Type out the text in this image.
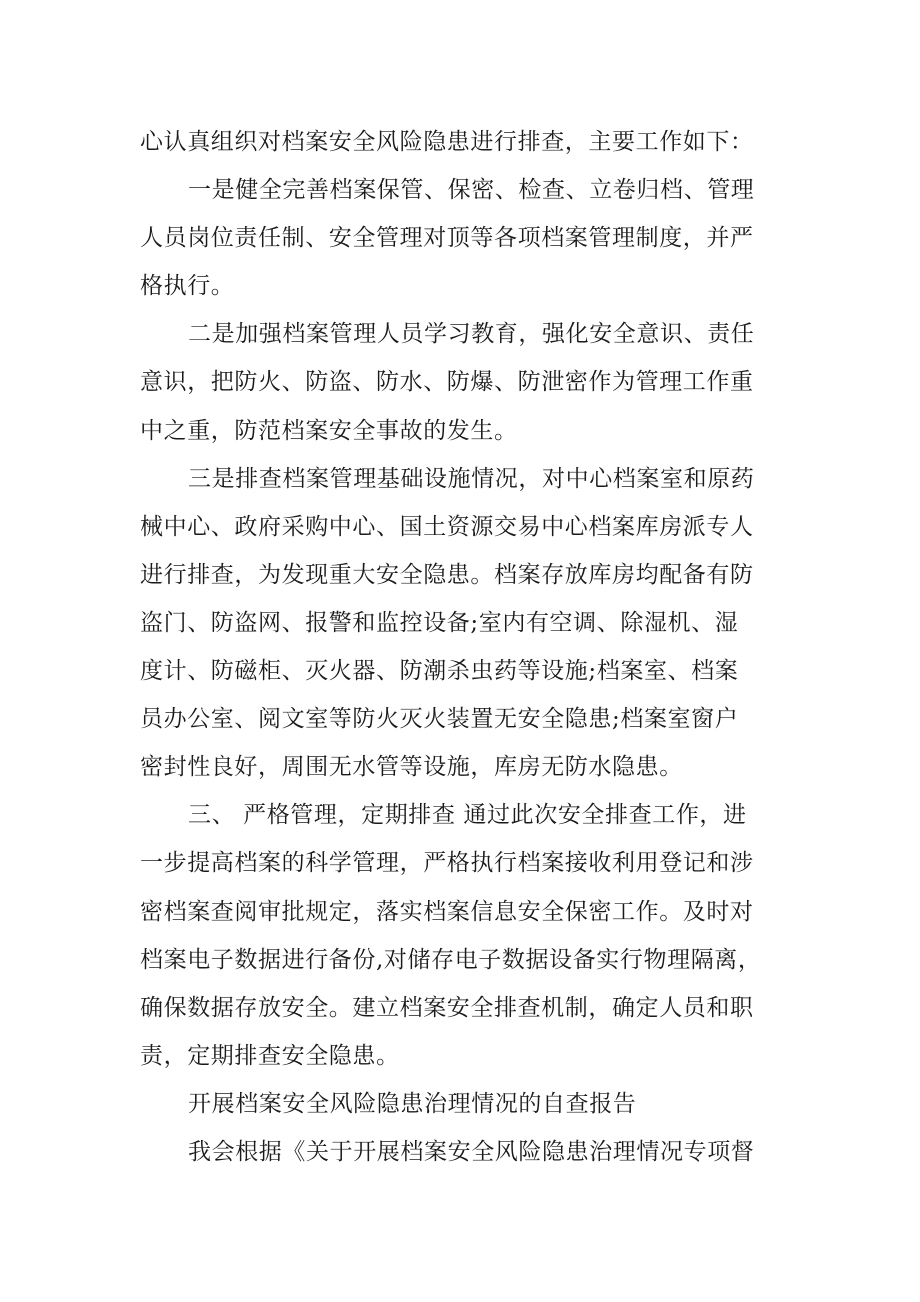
心认真组织对档案安全风险隐患进行排查，主要工作如下：
一是健全完善档案保管、保密、检查、立卷归档、管理
人员岗位责任制、安全管理对顶等各项档案管理制度，并严
格执行。
二是加强档案管理人员学习教育，强化安全意识、责任
意识，把防火、防盗、防水、防爆、防泄密作为管理工作重
中之重，防范档案安全事故的发生。
三是排查档案管理基础设施情况，对中心档案室和原药
械中心、政府采购中心、国土资源交易中心档案库房派专人
进行排查，为发现重大安全隐患。档案存放库房均配备有防
盗门、防盗网、报警和监控设备;室内有空调、除湿机、湿
度计、防磁柜、灭火器、防潮杀虫药等设施;档案室、档案
员办公室、阅文室等防火灭火装置无安全隐患;档案室窗户
密封性良好，周围无水管等设施，库房无防水隐患。
三、 严格管理，定期排查 通过此次安全排查工作，进
一步提高档案的科学管理，严格执行档案接收利用登记和涉
密档案查阅审批规定，落实档案信息安全保密工作。及时对
档案电子数据进行备份,对储存电子数据设备实行物理隔离，
确保数据存放安全。建立档案安全排查机制，确定人员和职
责，定期排查安全隐患。
开展档案安全风险隐患治理情况的自查报告
我会根据《关于开展档案安全风险隐患治理情况专项督
